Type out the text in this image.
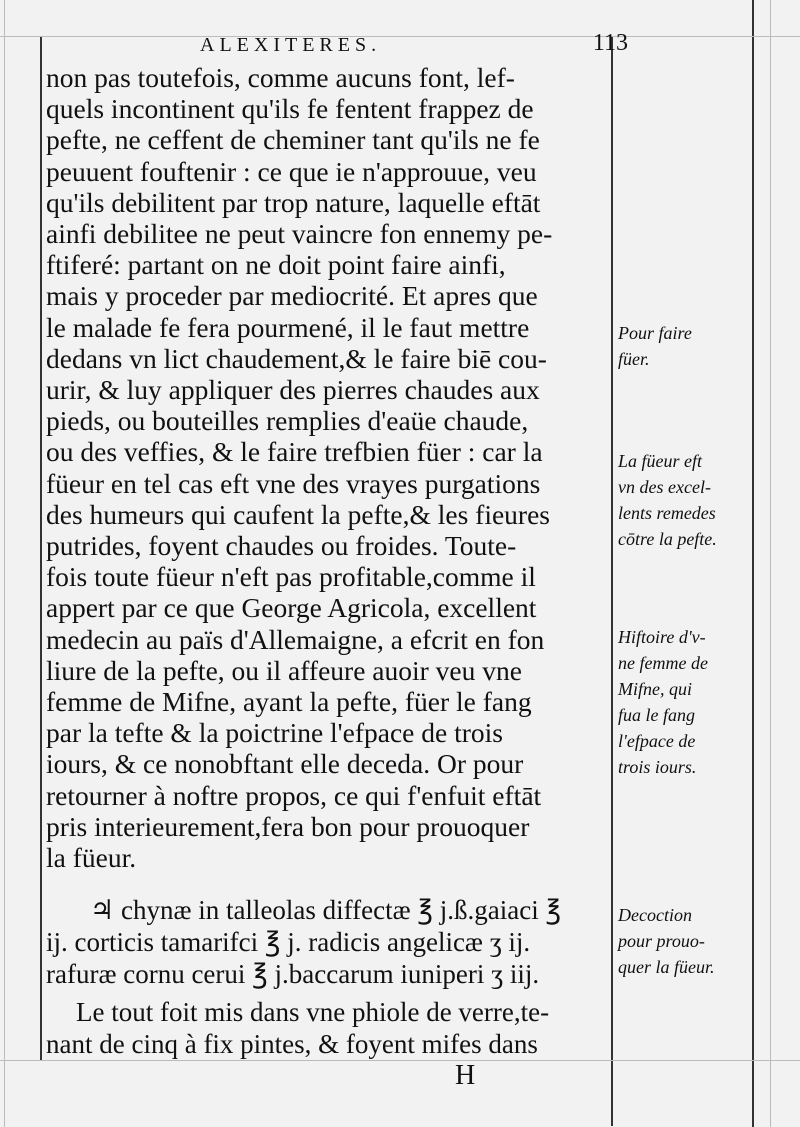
ALEXITERES.	113
non pas toutefois, comme aucuns font, lef-
quels incontinent qu'ils fe fentent frappez de
pefte, ne ceffent de cheminer tant qu'ils ne fe
peuuent fouftenir : ce que ie n'approuue, veu
qu'ils debilitent par trop nature, laquelle eftāt
ainfi debilitee ne peut vaincre fon ennemy pe-
ftiferé: partant on ne doit point faire ainfi,
mais y proceder par mediocrité. Et apres que
le malade fe fera pourmené, il le faut mettre
dedans vn lict chaudement,& le faire biē cou-
urir, & luy appliquer des pierres chaudes aux
pieds, ou bouteilles remplies d'eaüe chaude,
ou des veffies, & le faire trefbien füer : car la
füeur en tel cas eft vne des vrayes purgations
des humeurs qui caufent la pefte,& les fieures
putrides, foyent chaudes ou froides. Toute-
fois toute füeur n'eft pas profitable,comme il
appert par ce que George Agricola, excellent
medecin au païs d'Allemaigne, a efcrit en fon
liure de la pefte, ou il affeure auoir veu vne
femme de Mifne, ayant la pefte, füer le fang
par la tefte & la poictrine l'efpace de trois
iours, & ce nonobftant elle deceda. Or pour
retourner à noftre propos, ce qui f'enfuit eftāt
pris interieurement,fera bon pour prouoquer
la füeur.
♃ chynæ in talleolas diffectæ ℥ j.ß.gaiaci ℥
ij. corticis tamarifci ℥ j. radicis angelicæ ʒ ij.
rafuræ cornu cerui ℥ j.baccarum iuniperi ʒ iij.
Le tout foit mis dans vne phiole de verre,te-
nant de cinq à fix pintes, & foyent mifes dans
Pour faire
füer.
La füeur eft
vn des excel-
lents remedes
cōtre la pefte.
Hiftoire d'v-
ne femme de
Mifne, qui
fua le fang
l'efpace de
trois iours.
Decoction
pour prouo-
quer la füeur.
H
